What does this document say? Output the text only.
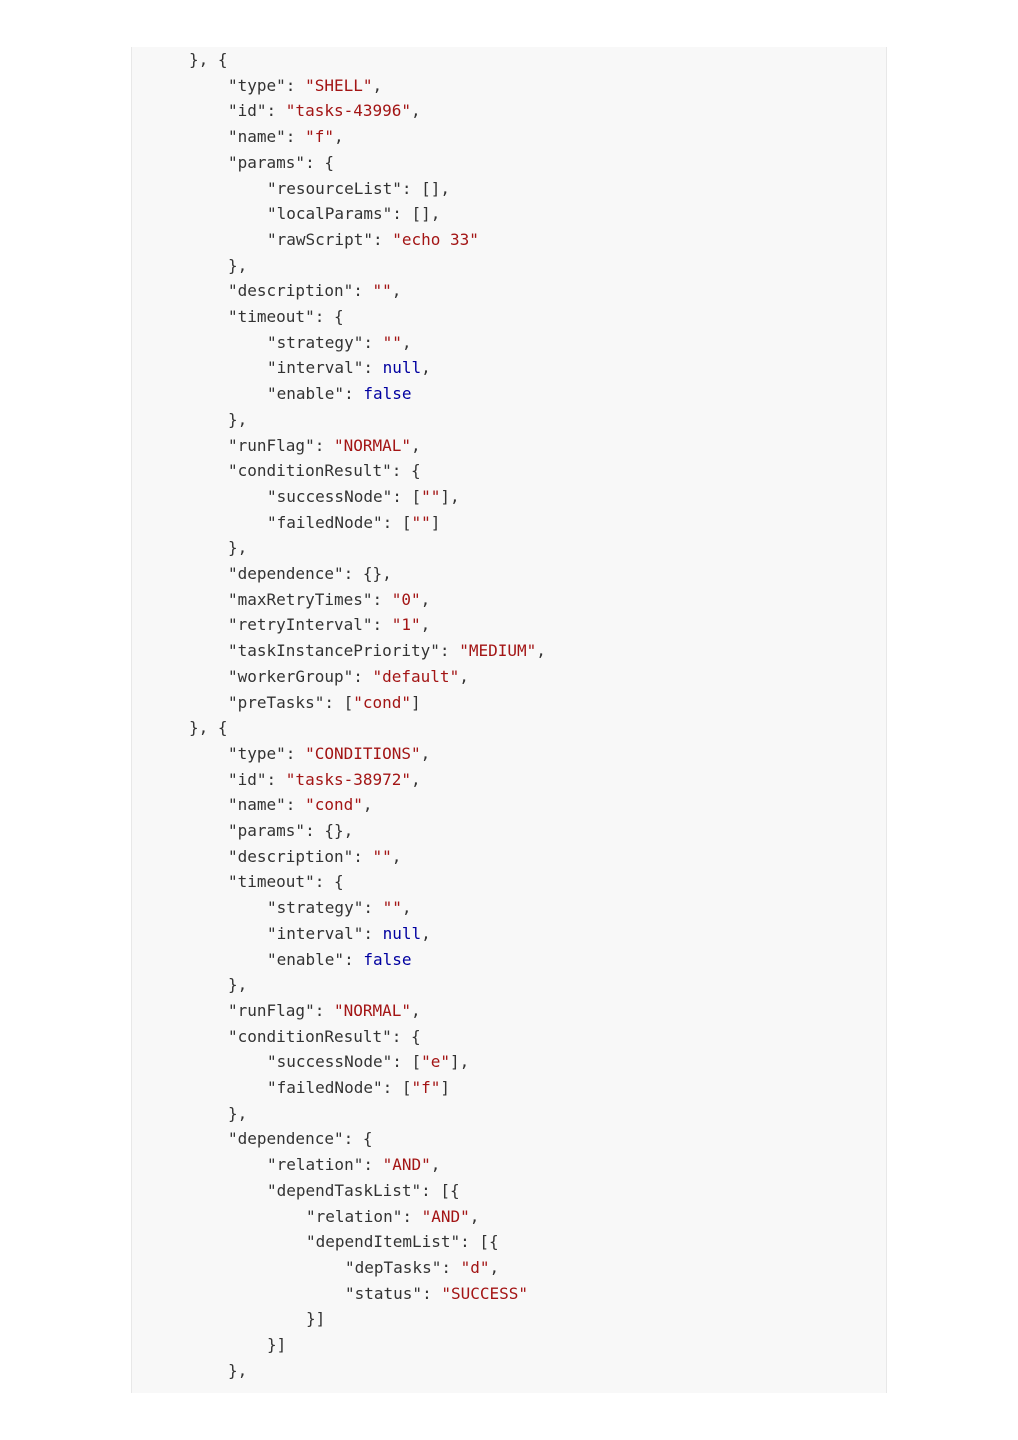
}, {
"type": "SHELL",
"id": "tasks-43996",
"name": "f",
"params": {
"resourceList": [],
"localParams": [],
"rawScript": "echo 33"
},
"description": "",
"timeout": {
"strategy": "",
"interval": null,
"enable": false
},
"runFlag": "NORMAL",
"conditionResult": {
"successNode": [""],
"failedNode": [""]
},
"dependence": {},
"maxRetryTimes": "0",
"retryInterval": "1",
"taskInstancePriority": "MEDIUM",
"workerGroup": "default",
"preTasks": ["cond"]
}, {
"type": "CONDITIONS",
"id": "tasks-38972",
"name": "cond",
"params": {},
"description": "",
"timeout": {
"strategy": "",
"interval": null,
"enable": false
},
"runFlag": "NORMAL",
"conditionResult": {
"successNode": ["e"],
"failedNode": ["f"]
},
"dependence": {
"relation": "AND",
"dependTaskList": [{
"relation": "AND",
"dependItemList": [{
"depTasks": "d",
"status": "SUCCESS"
}]
}]
},
